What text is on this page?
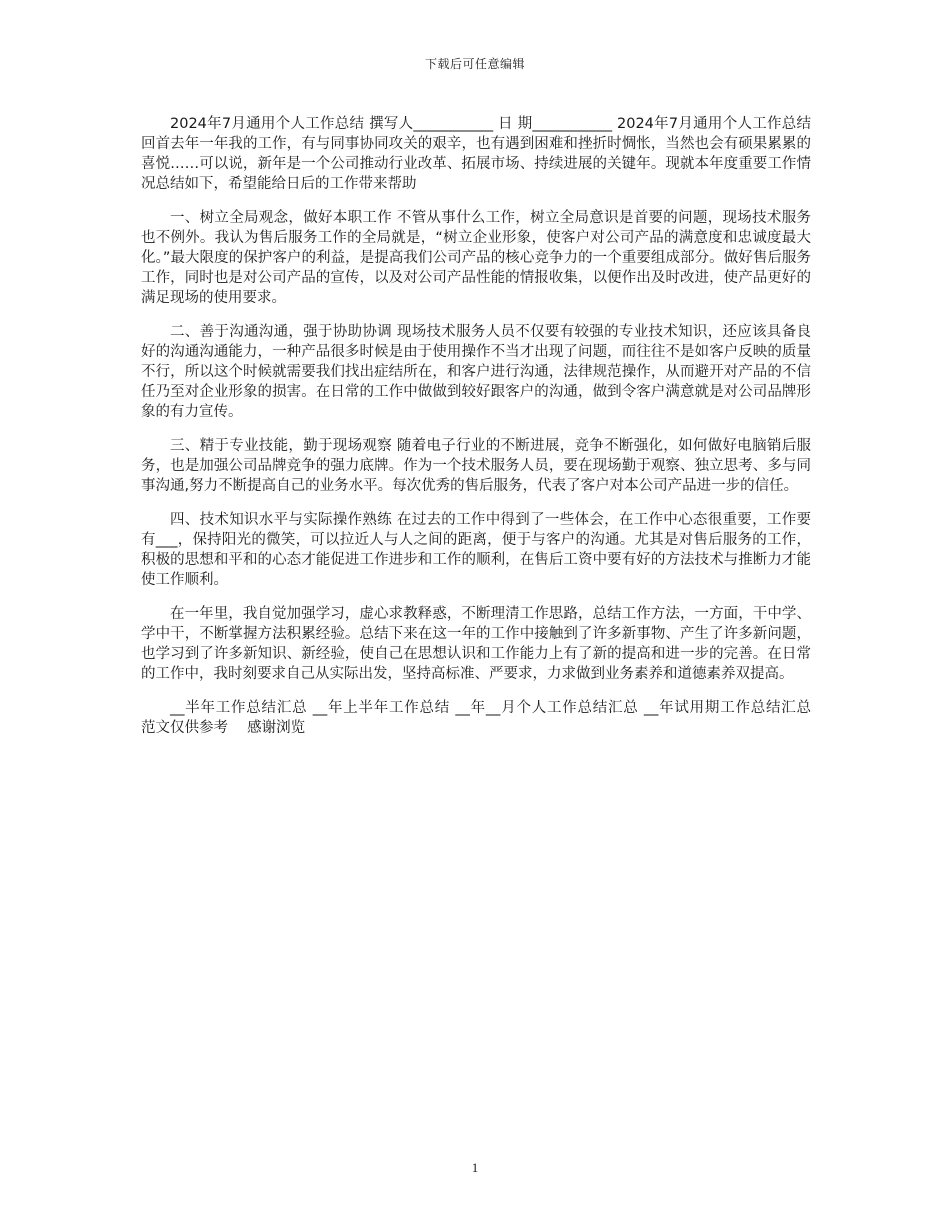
下载后可任意编辑

2024年7月通用个人工作总结 撰写人___________ 日 期___________ 2024年7月通用个人工作总结 回首去年一年我的工作，有与同事协同攻关的艰辛，也有遇到困难和挫折时惆怅，当然也会有硕果累累的喜悦……可以说，新年是一个公司推动行业改革、拓展市场、持续进展的关键年。现就本年度重要工作情况总结如下，希望能给日后的工作带来帮助

一、树立全局观念，做好本职工作 不管从事什么工作，树立全局意识是首要的问题，现场技术服务也不例外。我认为售后服务工作的全局就是，“树立企业形象，使客户对公司产品的满意度和忠诚度最大化。”最大限度的保护客户的利益，是提高我们公司产品的核心竞争力的一个重要组成部分。做好售后服务工作，同时也是对公司产品的宣传，以及对公司产品性能的情报收集，以便作出及时改进，使产品更好的满足现场的使用要求。

二、善于沟通沟通，强于协助协调 现场技术服务人员不仅要有较强的专业技术知识，还应该具备良好的沟通沟通能力，一种产品很多时候是由于使用操作不当才出现了问题，而往往不是如客户反映的质量不行，所以这个时候就需要我们找出症结所在，和客户进行沟通，法律规范操作，从而避开对产品的不信任乃至对企业形象的损害。在日常的工作中做做到较好跟客户的沟通，做到令客户满意就是对公司品牌形象的有力宣传。

三、精于专业技能，勤于现场观察 随着电子行业的不断进展，竞争不断强化，如何做好电脑销后服务，也是加强公司品牌竞争的强力底牌。作为一个技术服务人员，要在现场勤于观察、独立思考、多与同事沟通,努力不断提高自己的业务水平。每次优秀的售后服务，代表了客户对本公司产品进一步的信任。

四、技术知识水平与实际操作熟练 在过去的工作中得到了一些体会，在工作中心态很重要，工作要有___，保持阳光的微笑，可以拉近人与人之间的距离，便于与客户的沟通。尤其是对售后服务的工作，积极的思想和平和的心态才能促进工作进步和工作的顺利，在售后工资中要有好的方法技术与推断力才能使工作顺利。

在一年里，我自觉加强学习，虚心求教释惑，不断理清工作思路，总结工作方法，一方面，干中学、学中干，不断掌握方法积累经验。总结下来在这一年的工作中接触到了许多新事物、产生了许多新问题，也学习到了许多新知识、新经验，使自己在思想认识和工作能力上有了新的提高和进一步的完善。在日常的工作中，我时刻要求自己从实际出发，坚持高标准、严要求，力求做到业务素养和道德素养双提高。

__半年工作总结汇总 __年上半年工作总结 __年__月个人工作总结汇总 __年试用期工作总结汇总　 范文仅供参考　 感谢浏览

1
